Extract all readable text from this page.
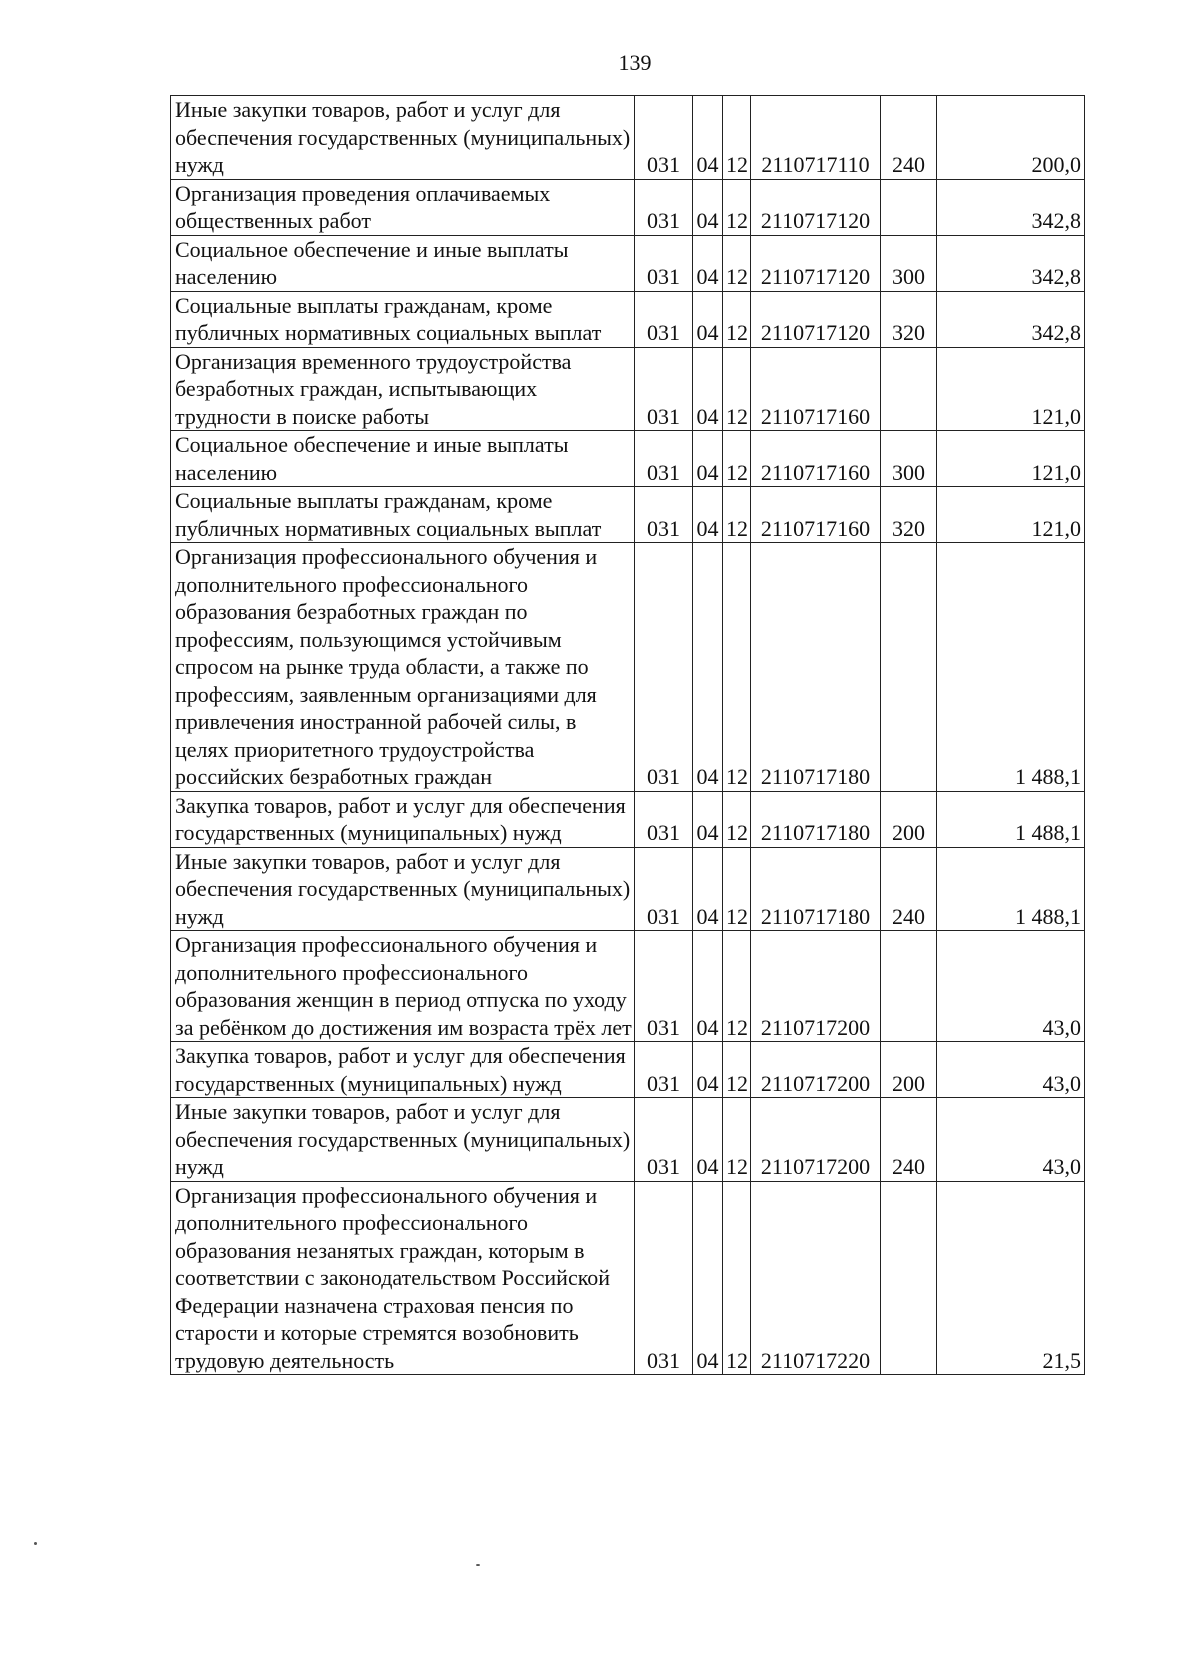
139
Иные закупки товаров, работ и услуг для обеспечения государственных (муниципальных) нужд	031	04	12	2110717110	240	200,0
Организация проведения оплачиваемых общественных работ	031	04	12	2110717120		342,8
Социальное обеспечение и иные выплаты населению	031	04	12	2110717120	300	342,8
Социальные выплаты гражданам, кроме публичных нормативных социальных выплат	031	04	12	2110717120	320	342,8
Организация временного трудоустройства безработных граждан, испытывающих трудности в поиске работы	031	04	12	2110717160		121,0
Социальное обеспечение и иные выплаты населению	031	04	12	2110717160	300	121,0
Социальные выплаты гражданам, кроме публичных нормативных социальных выплат	031	04	12	2110717160	320	121,0
Организация профессионального обучения и дополнительного профессионального образования безработных граждан по профессиям, пользующимся устойчивым спросом на рынке труда области, а также по профессиям, заявленным организациями для привлечения иностранной рабочей силы, в целях приоритетного трудоустройства российских безработных граждан	031	04	12	2110717180		1 488,1
Закупка товаров, работ и услуг для обеспечения государственных (муниципальных) нужд	031	04	12	2110717180	200	1 488,1
Иные закупки товаров, работ и услуг для обеспечения государственных (муниципальных) нужд	031	04	12	2110717180	240	1 488,1
Организация профессионального обучения и дополнительного профессионального образования женщин в период отпуска по уходу за ребёнком до достижения им возраста трёх лет	031	04	12	2110717200		43,0
Закупка товаров, работ и услуг для обеспечения государственных (муниципальных) нужд	031	04	12	2110717200	200	43,0
Иные закупки товаров, работ и услуг для обеспечения государственных (муниципальных) нужд	031	04	12	2110717200	240	43,0
Организация профессионального обучения и дополнительного профессионального образования незанятых граждан, которым в соответствии с законодательством Российской Федерации назначена страховая пенсия по старости и которые стремятся возобновить трудовую деятельность	031	04	12	2110717220		21,5
